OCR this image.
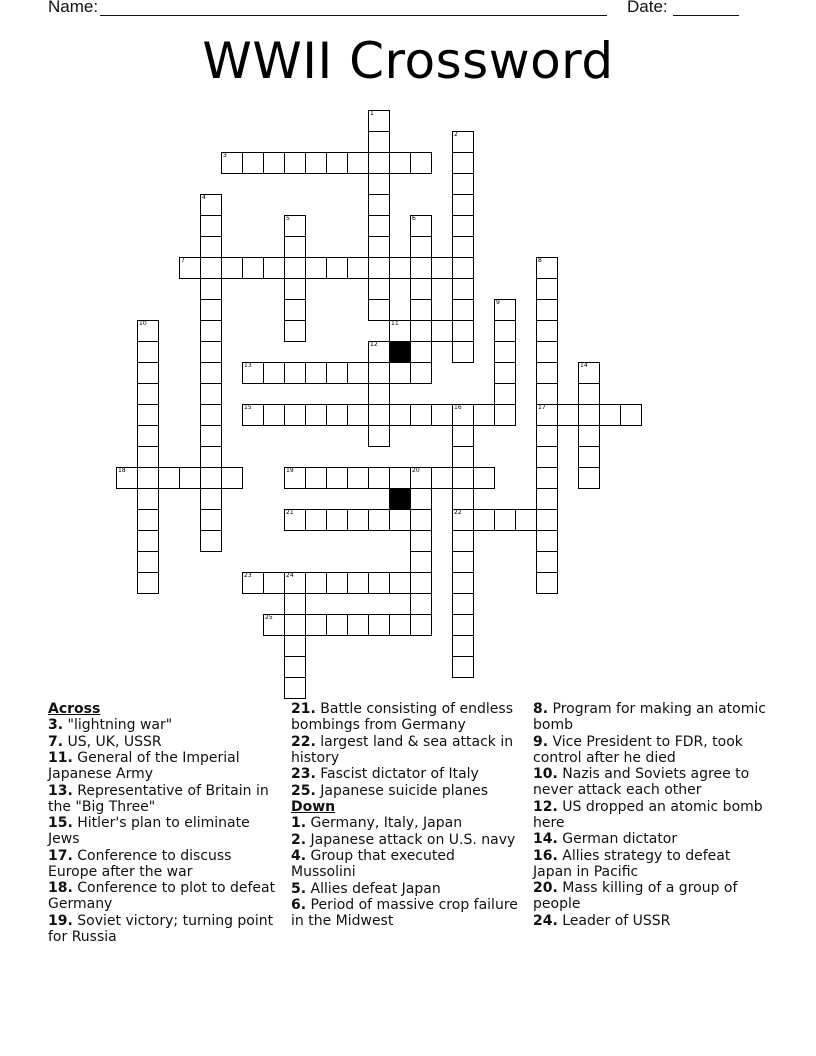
Name:	Date:
WWII Crossword
1
2
3
4
5	6
7	8
17
9
10	11
12
13	14
15	16
22
18	19	20
21
23	24
25
Across
3. "lightning war"
7. US, UK, USSR
11. General of the Imperial Japanese Army
13. Representative of Britain in the "Big Three"
15. Hitler's plan to eliminate Jews
17. Conference to discuss Europe after the war
18. Conference to plot to defeat Germany
19. Soviet victory; turning point for Russia
21. Battle consisting of endless bombings from Germany
22. largest land & sea attack in history
23. Fascist dictator of Italy
25. Japanese suicide planes
Down
1. Germany, Italy, Japan
2. Japanese attack on U.S. navy
4. Group that executed Mussolini
5. Allies defeat Japan
6. Period of massive crop failure in the Midwest
8. Program for making an atomic bomb
9. Vice President to FDR, took control after he died
10. Nazis and Soviets agree to never attack each other
12. US dropped an atomic bomb here
14. German dictator
16. Allies strategy to defeat Japan in Pacific
20. Mass killing of a group of people
24. Leader of USSR
